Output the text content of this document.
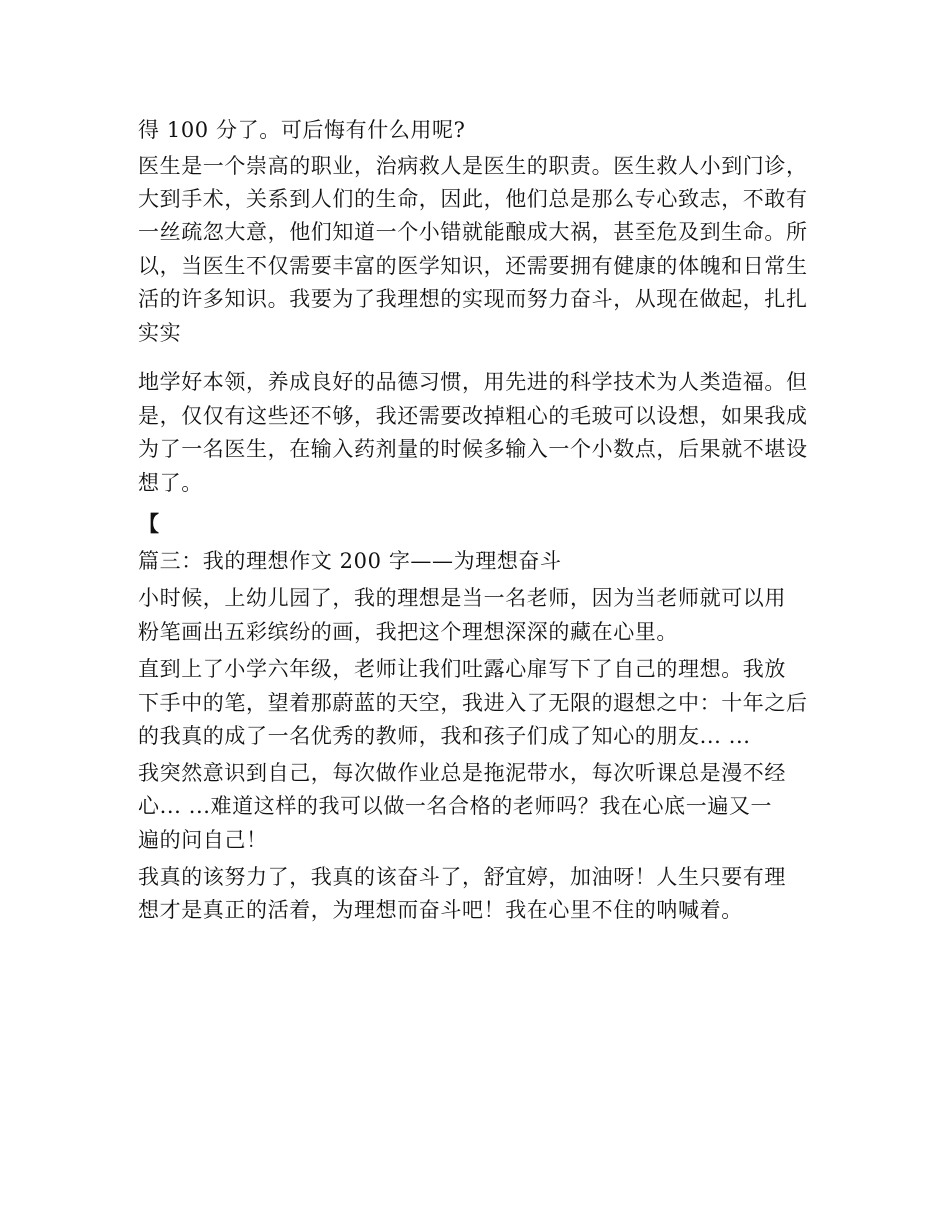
得 100 分了。可后悔有什么用呢?
医生是一个崇高的职业，治病救人是医生的职责。医生救人小到门诊，
大到手术，关系到人们的生命，因此，他们总是那么专心致志，不敢有
一丝疏忽大意，他们知道一个小错就能酿成大祸，甚至危及到生命。所
以，当医生不仅需要丰富的医学知识，还需要拥有健康的体魄和日常生
活的许多知识。我要为了我理想的实现而努力奋斗，从现在做起，扎扎
实实
地学好本领，养成良好的品德习惯，用先进的科学技术为人类造福。但
是，仅仅有这些还不够，我还需要改掉粗心的毛玻可以设想，如果我成
为了一名医生，在输入药剂量的时候多输入一个小数点，后果就不堪设
想了。
【
篇三：我的理想作文 200 字——为理想奋斗
小时候，上幼儿园了，我的理想是当一名老师，因为当老师就可以用
粉笔画出五彩缤纷的画，我把这个理想深深的藏在心里。
直到上了小学六年级，老师让我们吐露心扉写下了自己的理想。我放
下手中的笔，望着那蔚蓝的天空，我进入了无限的遐想之中：十年之后
的我真的成了一名优秀的教师，我和孩子们成了知心的朋友... ...
我突然意识到自己，每次做作业总是拖泥带水，每次听课总是漫不经
心... ...难道这样的我可以做一名合格的老师吗？我在心底一遍又一
遍的问自己！
我真的该努力了，我真的该奋斗了，舒宜婷，加油呀！人生只要有理
想才是真正的活着，为理想而奋斗吧！我在心里不住的呐喊着。
